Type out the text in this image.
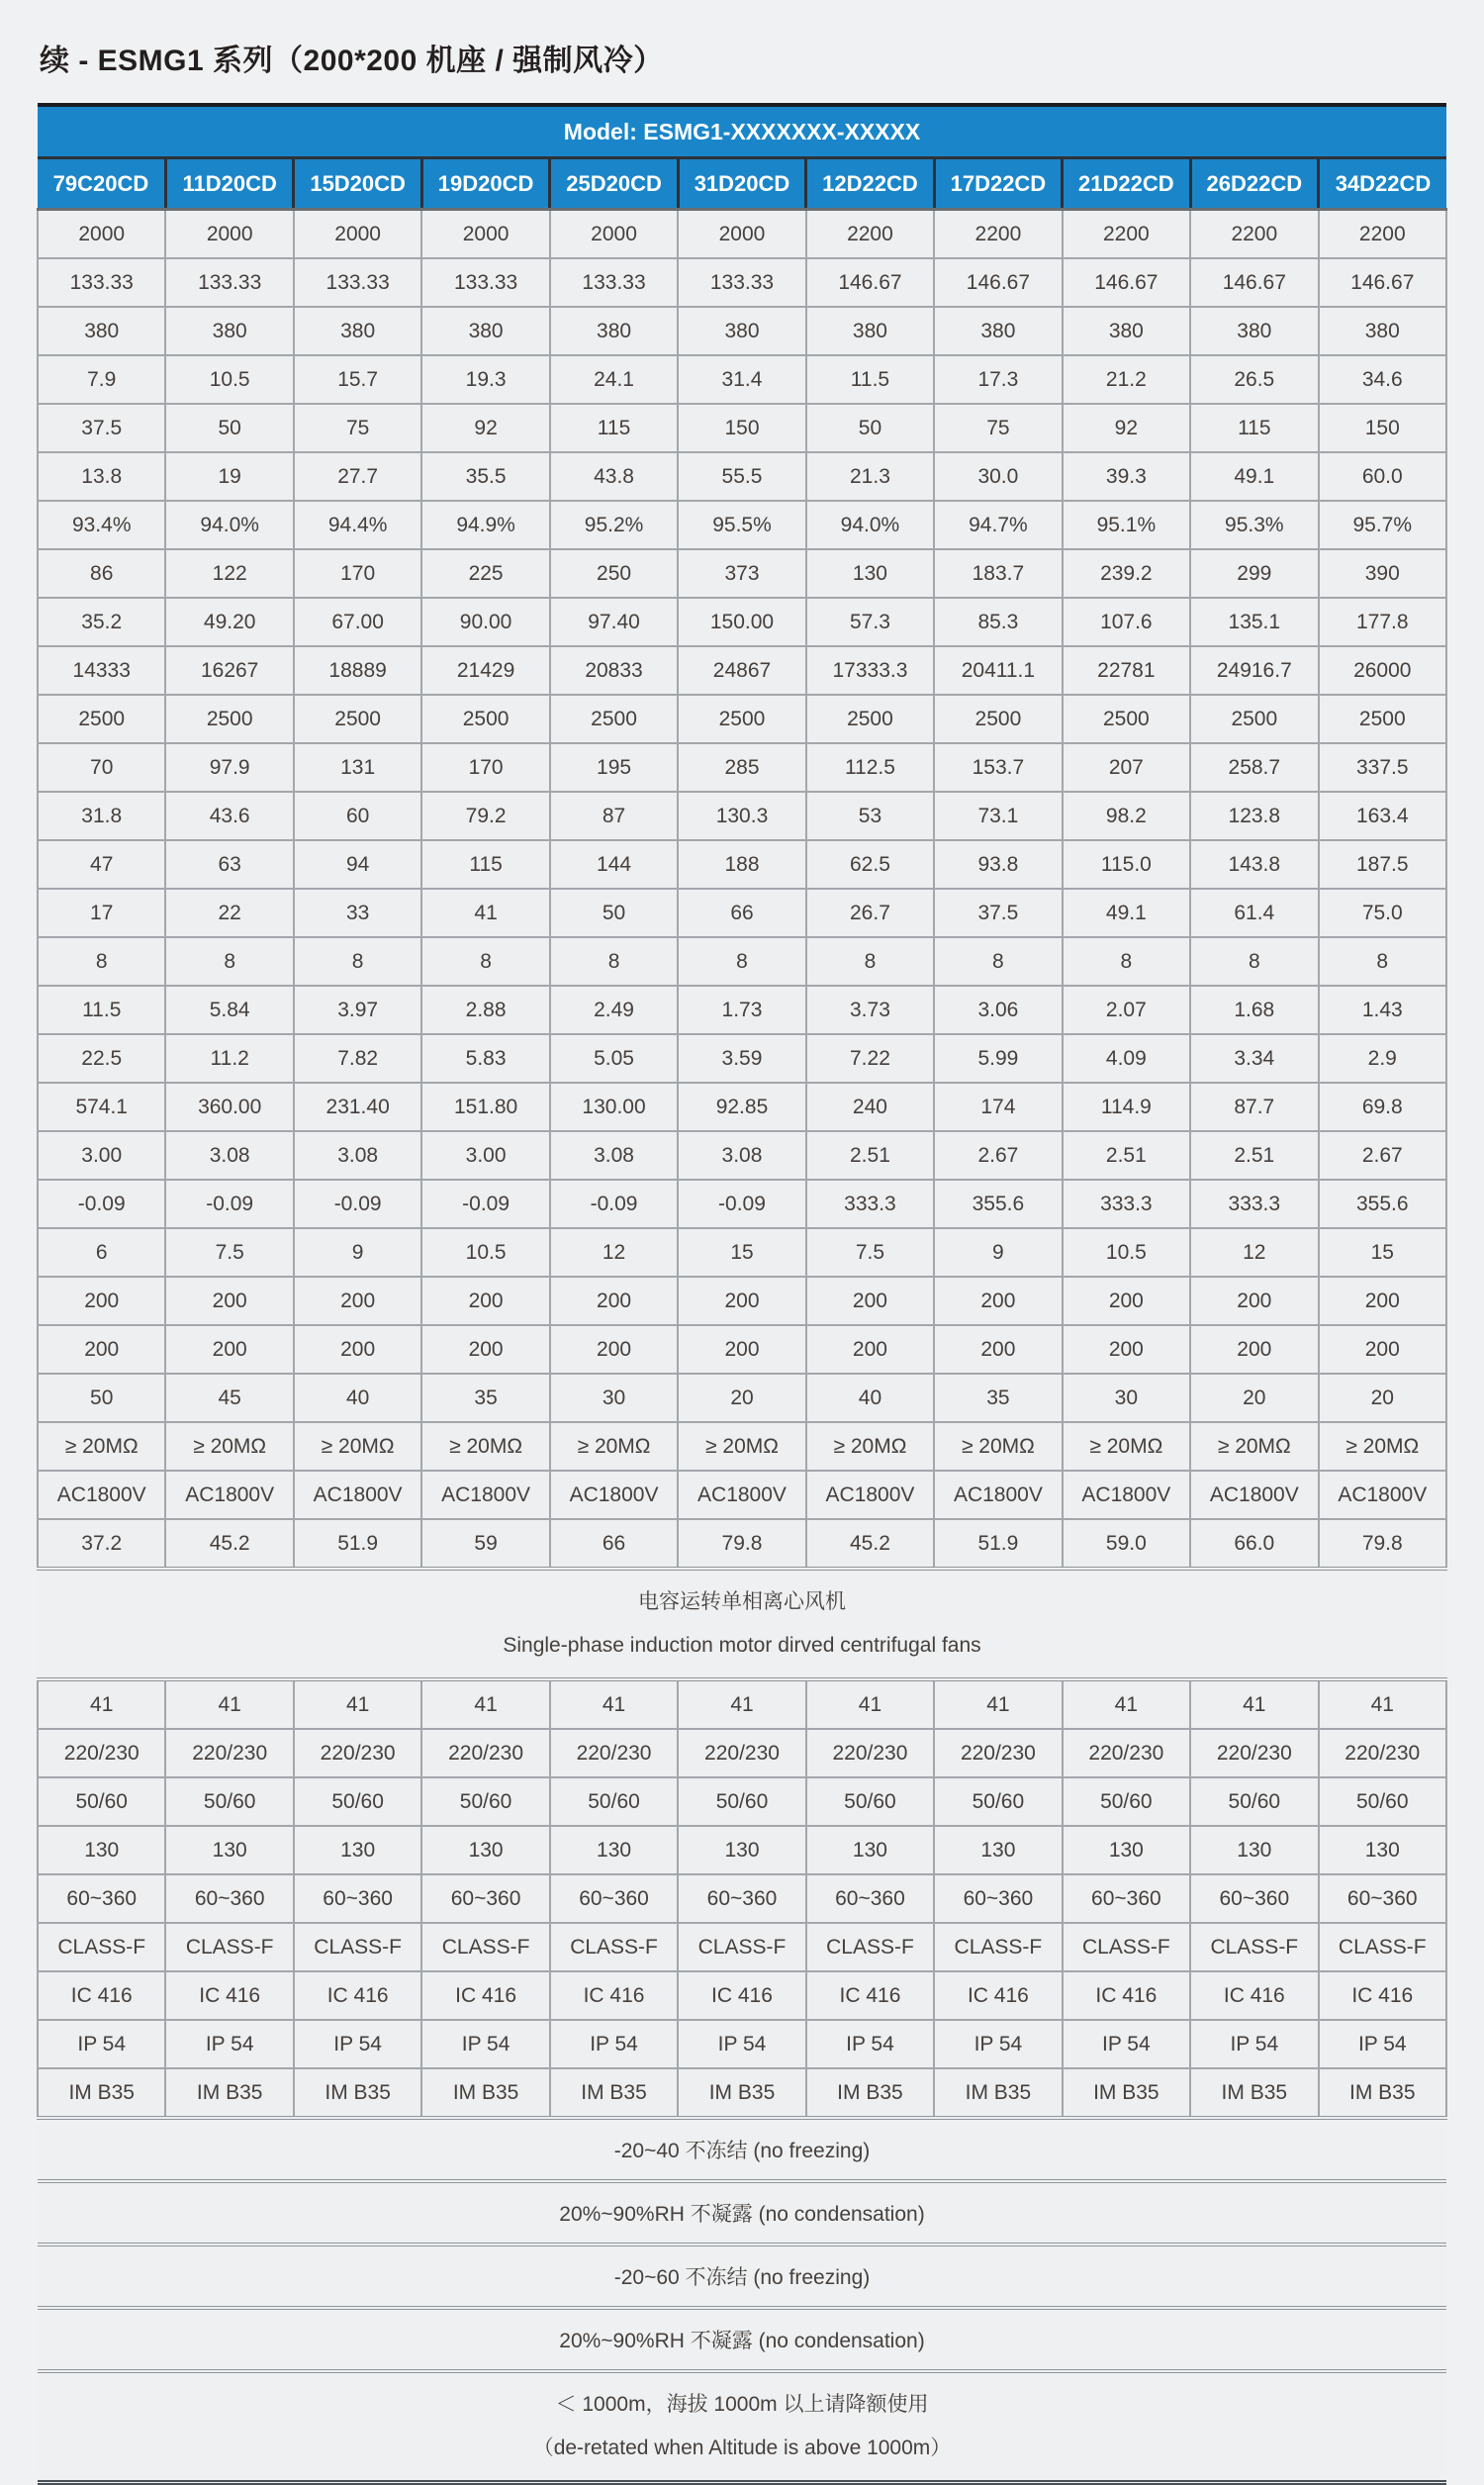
续 - ESMG1 系列（200*200 机座 / 强制风冷）
Model: ESMG1-XXXXXXX-XXXXX										
79C20CD	11D20CD	15D20CD	19D20CD	25D20CD	31D20CD	12D22CD	17D22CD	21D22CD	26D22CD	34D22CD
2000	2000	2000	2000	2000	2000	2200	2200	2200	2200	2200
133.33	133.33	133.33	133.33	133.33	133.33	146.67	146.67	146.67	146.67	146.67
380	380	380	380	380	380	380	380	380	380	380
7.9	10.5	15.7	19.3	24.1	31.4	11.5	17.3	21.2	26.5	34.6
37.5	50	75	92	115	150	50	75	92	115	150
13.8	19	27.7	35.5	43.8	55.5	21.3	30.0	39.3	49.1	60.0
93.4%	94.0%	94.4%	94.9%	95.2%	95.5%	94.0%	94.7%	95.1%	95.3%	95.7%
86	122	170	225	250	373	130	183.7	239.2	299	390
35.2	49.20	67.00	90.00	97.40	150.00	57.3	85.3	107.6	135.1	177.8
14333	16267	18889	21429	20833	24867	17333.3	20411.1	22781	24916.7	26000
2500	2500	2500	2500	2500	2500	2500	2500	2500	2500	2500
70	97.9	131	170	195	285	112.5	153.7	207	258.7	337.5
31.8	43.6	60	79.2	87	130.3	53	73.1	98.2	123.8	163.4
47	63	94	115	144	188	62.5	93.8	115.0	143.8	187.5
17	22	33	41	50	66	26.7	37.5	49.1	61.4	75.0
8	8	8	8	8	8	8	8	8	8	8
11.5	5.84	3.97	2.88	2.49	1.73	3.73	3.06	2.07	1.68	1.43
22.5	11.2	7.82	5.83	5.05	3.59	7.22	5.99	4.09	3.34	2.9
574.1	360.00	231.40	151.80	130.00	92.85	240	174	114.9	87.7	69.8
3.00	3.08	3.08	3.00	3.08	3.08	2.51	2.67	2.51	2.51	2.67
-0.09	-0.09	-0.09	-0.09	-0.09	-0.09	333.3	355.6	333.3	333.3	355.6
6	7.5	9	10.5	12	15	7.5	9	10.5	12	15
200	200	200	200	200	200	200	200	200	200	200
200	200	200	200	200	200	200	200	200	200	200
50	45	40	35	30	20	40	35	30	20	20
≥ 20MΩ	≥ 20MΩ	≥ 20MΩ	≥ 20MΩ	≥ 20MΩ	≥ 20MΩ	≥ 20MΩ	≥ 20MΩ	≥ 20MΩ	≥ 20MΩ	≥ 20MΩ
AC1800V	AC1800V	AC1800V	AC1800V	AC1800V	AC1800V	AC1800V	AC1800V	AC1800V	AC1800V	AC1800V
37.2	45.2	51.9	59	66	79.8	45.2	51.9	59.0	66.0	79.8

电容运转单相离心风机
Single-phase induction motor dirved centrifugal fans										

41	41	41	41	41	41	41	41	41	41	41
220/230	220/230	220/230	220/230	220/230	220/230	220/230	220/230	220/230	220/230	220/230
50/60	50/60	50/60	50/60	50/60	50/60	50/60	50/60	50/60	50/60	50/60
130	130	130	130	130	130	130	130	130	130	130
60~360	60~360	60~360	60~360	60~360	60~360	60~360	60~360	60~360	60~360	60~360
CLASS-F	CLASS-F	CLASS-F	CLASS-F	CLASS-F	CLASS-F	CLASS-F	CLASS-F	CLASS-F	CLASS-F	CLASS-F
IC 416	IC 416	IC 416	IC 416	IC 416	IC 416	IC 416	IC 416	IC 416	IC 416	IC 416
IP 54	IP 54	IP 54	IP 54	IP 54	IP 54	IP 54	IP 54	IP 54	IP 54	IP 54
IM B35	IM B35	IM B35	IM B35	IM B35	IM B35	IM B35	IM B35	IM B35	IM B35	IM B35

-20~40 不冻结 (no freezing)										

20%~90%RH 不凝露 (no condensation)										

-20~60 不冻结 (no freezing)										

20%~90%RH 不凝露 (no condensation)										

＜ 1000m，海拔 1000m 以上请降额使用
（de-retated when Altitude is above 1000m）										
